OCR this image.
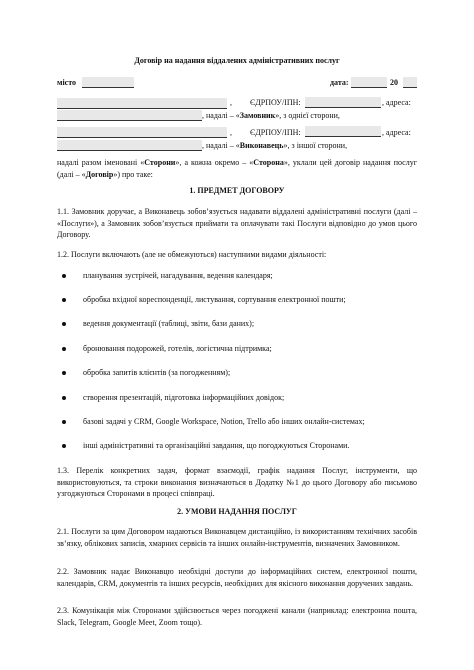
Договір на надання віддалених адміністративних послуг
місто	дата:	20
, ЄДРПОУ/ІПН:	, адреса:
, надалі – «Замовник», з однієї сторони,
, ЄДРПОУ/ІПН:	, адреса:
, надалі – «Виконавець», з іншої сторони,
надалі разом іменовані «Сторони», а кожна окремо – «Сторона», уклали цей договір надання послуг (далі – «Договір») про таке:
1. ПРЕДМЕТ ДОГОВОРУ
1.1. Замовник доручає, а Виконавець зобов’язується надавати віддалені адміністративні послуги (далі – «Послуги»), а Замовник зобов’язується приймати та оплачувати такі Послуги відповідно до умов цього Договору.
1.2. Послуги включають (але не обмежуються) наступними видами діяльності:
планування зустрічей, нагадування, ведення календаря;
обробка вхідної кореспонденції, листування, сортування електронної пошти;
ведення документації (таблиці, звіти, бази даних);
бронювання подорожей, готелів, логістична підтримка;
обробка запитів клієнтів (за погодженням);
створення презентацій, підготовка інформаційних довідок;
базові задачі у CRM, Google Workspace, Notion, Trello або інших онлайн-системах;
інші адміністративні та організаційні завдання, що погоджуються Сторонами.
1.3. Перелік конкретних задач, формат взаємодії, графік надання Послуг, інструменти, що використовуються, та строки виконання визначаються в Додатку №1 до цього Договору або письмово узгоджуються Сторонами в процесі співпраці.
2. УМОВИ НАДАННЯ ПОСЛУГ
2.1. Послуги за цим Договором надаються Виконавцем дистанційно, із використанням технічних засобів зв’язку, облікових записів, хмарних сервісів та інших онлайн-інструментів, визначених Замовником.
2.2. Замовник надає Виконавцю необхідні доступи до інформаційних систем, електронної пошти, календарів, CRM, документів та інших ресурсів, необхідних для якісного виконання доручених завдань.
2.3. Комунікація між Сторонами здійснюється через погоджені канали (наприклад: електронна пошта, Slack, Telegram, Google Meet, Zoom тощо).
